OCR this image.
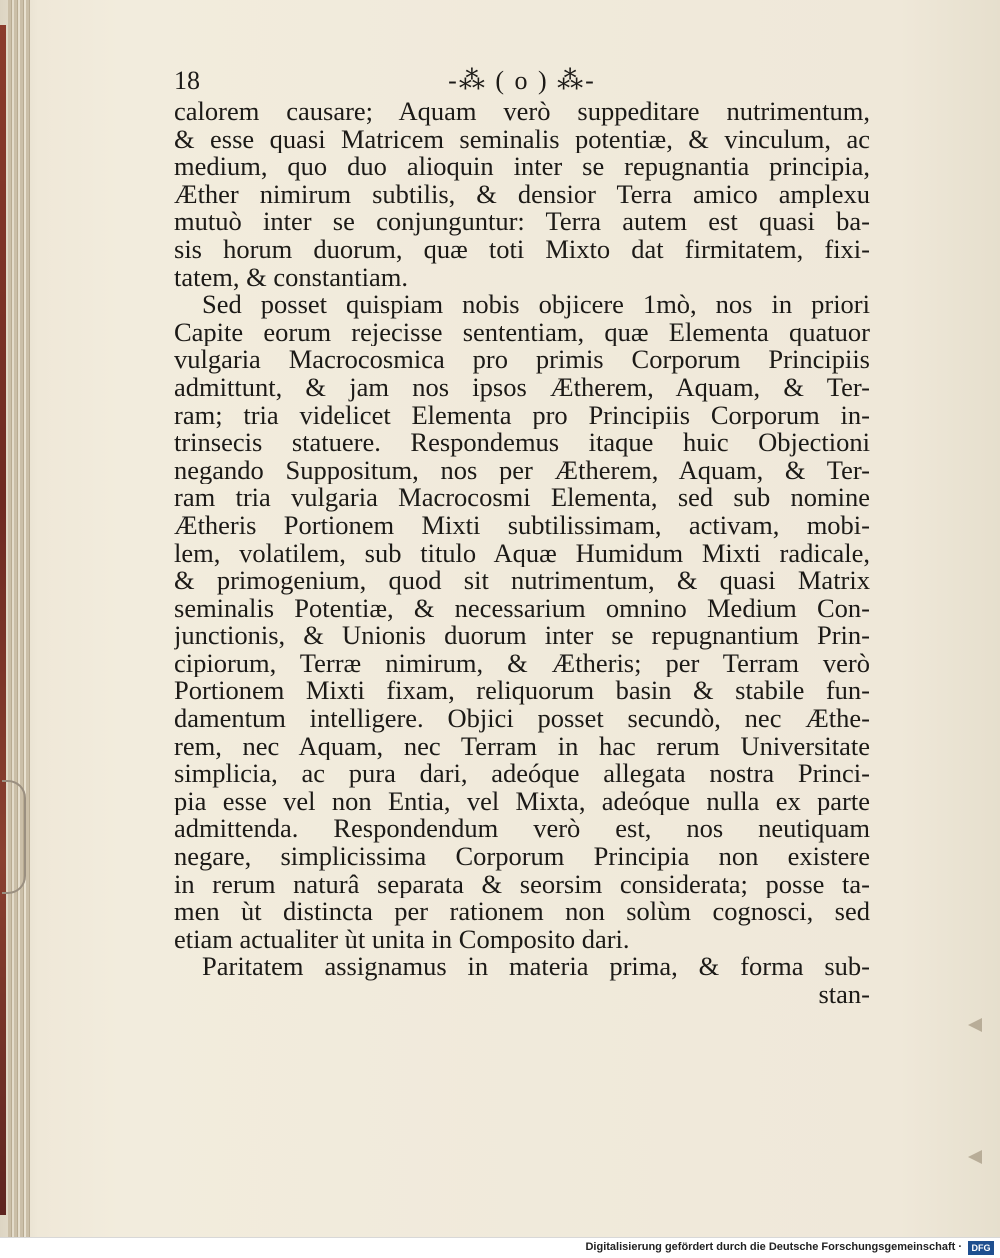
18	-⁂ ( o ) ⁂-
calorem causare; Aquam verò suppeditare nutrimentum,
& esse quasi Matricem seminalis potentiæ, & vinculum, ac
medium, quo duo alioquin inter se repugnantia principia,
Æther nimirum subtilis, & densior Terra amico amplexu
mutuò inter se conjunguntur: Terra autem est quasi ba-
sis horum duorum, quæ toti Mixto dat firmitatem, fixi-
tatem, & constantiam.
Sed posset quispiam nobis objicere 1mò, nos in priori
Capite eorum rejecisse sententiam, quæ Elementa quatuor
vulgaria Macrocosmica pro primis Corporum Principiis
admittunt, & jam nos ipsos Ætherem, Aquam, & Ter-
ram; tria videlicet Elementa pro Principiis Corporum in-
trinsecis statuere. Respondemus itaque huic Objectioni
negando Suppositum, nos per Ætherem, Aquam, & Ter-
ram tria vulgaria Macrocosmi Elementa, sed sub nomine
Ætheris Portionem Mixti subtilissimam, activam, mobi-
lem, volatilem, sub titulo Aquæ Humidum Mixti radicale,
& primogenium, quod sit nutrimentum, & quasi Matrix
seminalis Potentiæ, & necessarium omnino Medium Con-
junctionis, & Unionis duorum inter se repugnantium Prin-
cipiorum, Terræ nimirum, & Ætheris; per Terram verò
Portionem Mixti fixam, reliquorum basin & stabile fun-
damentum intelligere. Objici posset secundò, nec Æthe-
rem, nec Aquam, nec Terram in hac rerum Universitate
simplicia, ac pura dari, adeóque allegata nostra Princi-
pia esse vel non Entia, vel Mixta, adeóque nulla ex parte
admittenda. Respondendum verò est, nos neutiquam
negare, simplicissima Corporum Principia non existere
in rerum naturâ separata & seorsim considerata; posse ta-
men ùt distincta per rationem non solùm cognosci, sed
etiam actualiter ùt unita in Composito dari.
Paritatem assignamus in materia prima, & forma sub-
stan-
Digitalisierung gefördert durch die Deutsche Forschungsgemeinschaft ·	DFG
